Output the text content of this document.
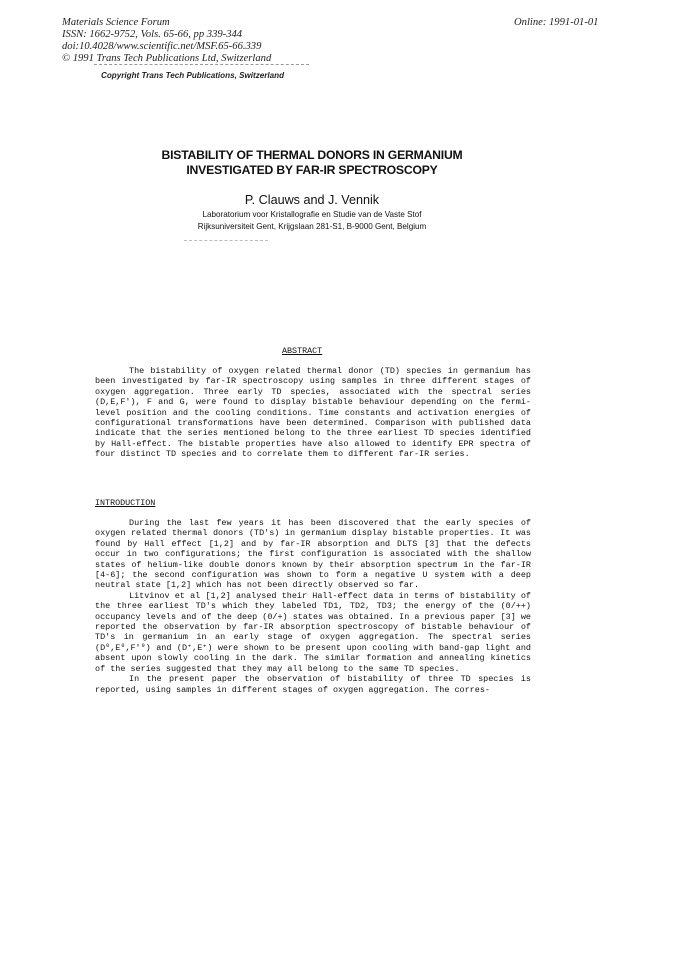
Materials Science Forum
ISSN: 1662-9752, Vols. 65-66, pp 339-344
doi:10.4028/www.scientific.net/MSF.65-66.339
© 1991 Trans Tech Publications Ltd, Switzerland
Online: 1991-01-01
Copyright Trans Tech Publications, Switzerland
BISTABILITY OF THERMAL DONORS IN GERMANIUM
INVESTIGATED BY FAR-IR SPECTROSCOPY
P. Clauws and J. Vennik
Laboratorium voor Kristallografie en Studie van de Vaste Stof
Rijksuniversiteit Gent, Krijgslaan 281-S1, B-9000 Gent, Belgium
ABSTRACT

The bistability of oxygen related thermal donor (TD) species in germanium has been investigated by far-IR spectroscopy using samples in three different stages of oxygen aggregation. Three early TD species, associated with the spectral series (D,E,F'), F and G, were found to display bistable behaviour depending on the fermi-level position and the cooling conditions. Time constants and activation energies of configurational transformations have been determined. Comparison with published data indicate that the series mentioned belong to the three earliest TD species identified by Hall-effect. The bistable properties have also allowed to identify EPR spectra of four distinct TD species and to correlate them to different far-IR series.

INTRODUCTION

During the last few years it has been discovered that the early species of oxygen related thermal donors (TD's) in germanium display bistable properties. It was found by Hall effect [1,2] and by far-IR absorption and DLTS [3] that the defects occur in two configurations; the first configuration is associated with the shallow states of helium-like double donors known by their absorption spectrum in the far-IR [4-6]; the second configuration was shown to form a negative U system with a deep neutral state [1,2] which has not been directly observed so far.

Litvinov et al [1,2] analysed their Hall-effect data in terms of bistability of the three earliest TD's which they labeled TD1, TD2, TD3; the energy of the (0/++) occupancy levels and of the deep (0/+) states was obtained. In a previous paper [3] we reported the observation by far-IR absorption spectroscopy of bistable behaviour of TD's in germanium in an early stage of oxygen aggregation. The spectral series (D⁰,E⁰,F'⁰) and (D⁺,E⁺) were shown to be present upon cooling with band-gap light and absent upon slowly cooling in the dark. The similar formation and annealing kinetics of the series suggested that they may all belong to the same TD species.

In the present paper the observation of bistability of three TD species is reported, using samples in different stages of oxygen aggregation. The corres-
